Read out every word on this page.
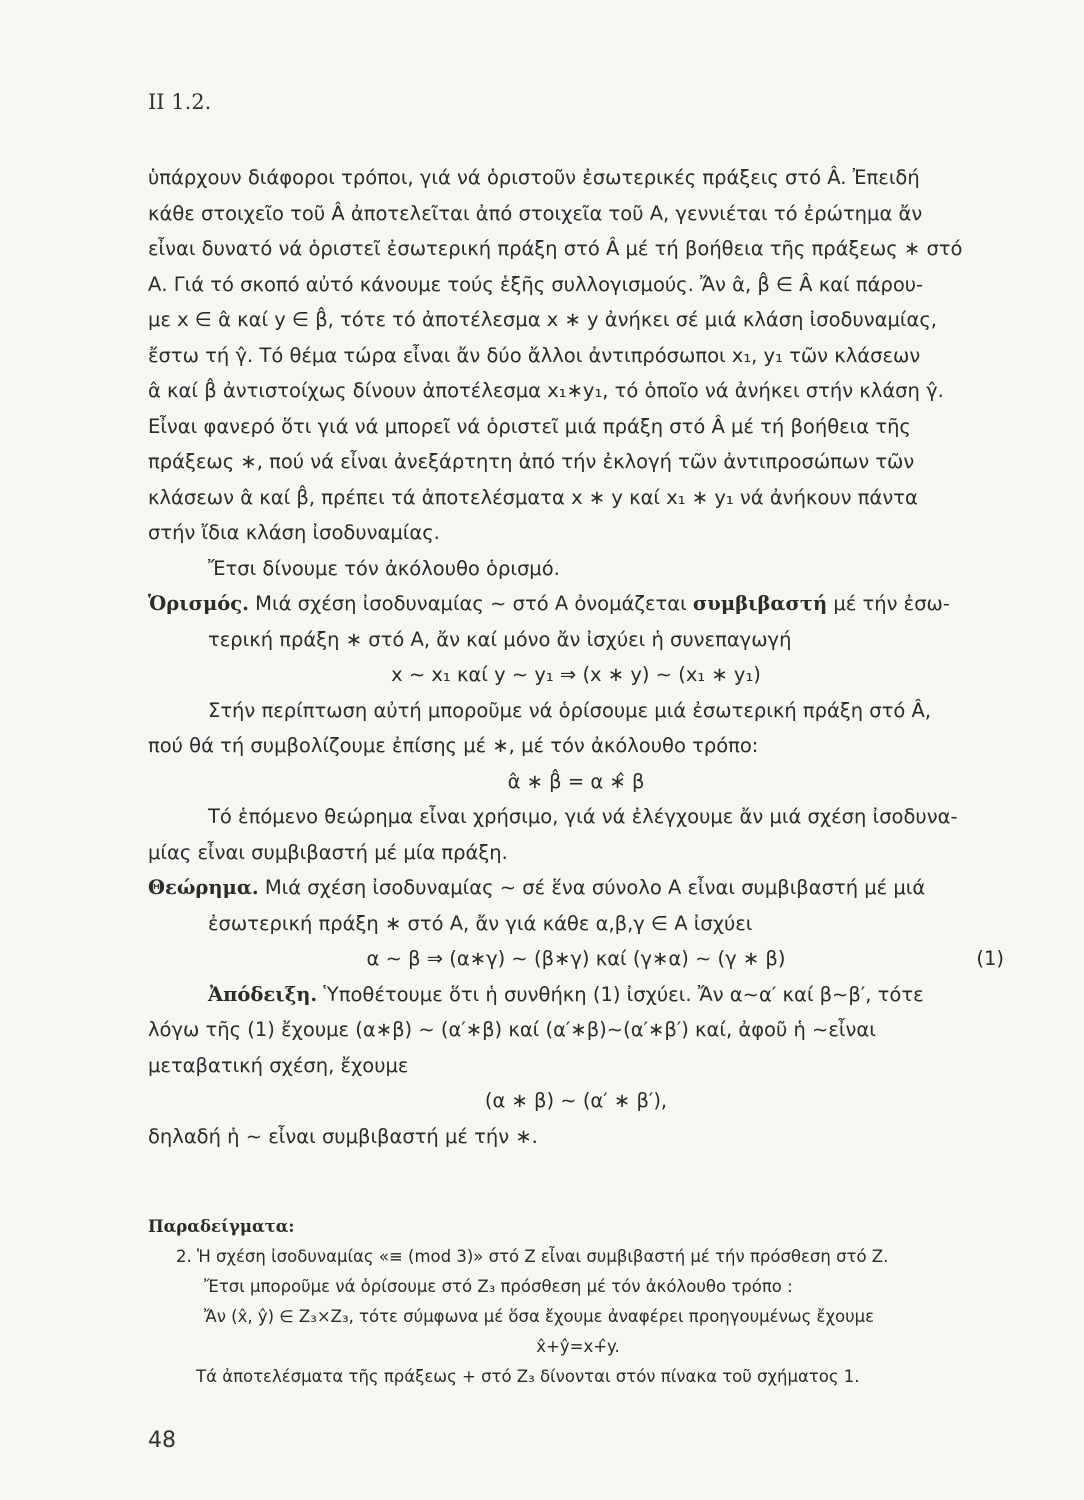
II 1.2.

ὑπάρχουν διάφοροι τρόποι, γιά νά ὁριστοῦν ἐσωτερικές πράξεις στό Â. Ἐπειδή

κάθε στοιχεῖο τοῦ Â ἀποτελεῖται ἀπό στοιχεῖα τοῦ Α, γεννιέται τό ἐρώτημα ἄν

εἶναι δυνατό νά ὁριστεῖ ἐσωτερική πράξη στό Â μέ τή βοήθεια τῆς πράξεως ∗ στό

Α. Γιά τό σκοπό αὐτό κάνουμε τούς ἑξῆς συλλογισμούς. Ἄν α̂, β̂ ∈ Â καί πάρου-

με x ∈ α̂ καί y ∈ β̂, τότε τό ἀποτέλεσμα x ∗ y ἀνήκει σέ μιά κλάση ἰσοδυναμίας,

ἔστω τή γ̂. Τό θέμα τώρα εἶναι ἄν δύο ἄλλοι ἀντιπρόσωποι x₁, y₁ τῶν κλάσεων

α̂ καί β̂ ἀντιστοίχως δίνουν ἀποτέλεσμα x₁∗y₁, τό ὁποῖο νά ἀνήκει στήν κλάση γ̂.

Εἶναι φανερό ὅτι γιά νά μπορεῖ νά ὁριστεῖ μιά πράξη στό Â μέ τή βοήθεια τῆς

πράξεως ∗, πού νά εἶναι ἀνεξάρτητη ἀπό τήν ἐκλογή τῶν ἀντιπροσώπων τῶν

κλάσεων α̂ καί β̂, πρέπει τά ἀποτελέσματα x ∗ y καί x₁ ∗ y₁ νά ἀνήκουν πάντα

στήν ἴδια κλάση ἰσοδυναμίας.

Ἔτσι δίνουμε τόν ἀκόλουθο ὁρισμό.

Ὁρισμός. Μιά σχέση ἰσοδυναμίας ∼ στό Α ὀνομάζεται συμβιβαστή μέ τήν ἐσω-

τερική πράξη ∗ στό Α, ἄν καί μόνο ἄν ἰσχύει ἡ συνεπαγωγή

x ∼ x₁ καί y ∼ y₁ ⇒ (x ∗ y) ∼ (x₁ ∗ y₁)

Στήν περίπτωση αὐτή μποροῦμε νά ὁρίσουμε μιά ἐσωτερική πράξη στό Â,

πού θά τή συμβολίζουμε ἐπίσης μέ ∗, μέ τόν ἀκόλουθο τρόπο:

α̂ ∗ β̂ = α ∗̂ β

Τό ἑπόμενο θεώρημα εἶναι χρήσιμο, γιά νά ἐλέγχουμε ἄν μιά σχέση ἰσοδυνα-

μίας εἶναι συμβιβαστή μέ μία πράξη.

Θεώρημα. Μιά σχέση ἰσοδυναμίας ∼ σέ ἕνα σύνολο Α εἶναι συμβιβαστή μέ μιά

ἐσωτερική πράξη ∗ στό Α, ἄν γιά κάθε α,β,γ ∈ Α ἰσχύει

α ∼ β ⇒ (α∗γ) ∼ (β∗γ) καί (γ∗α) ∼ (γ ∗ β)	(1)

Ἀπόδειξη. Ὑποθέτουμε ὅτι ἡ συνθήκη (1) ἰσχύει. Ἄν α∼α′ καί β∼β′, τότε

λόγω τῆς (1) ἔχουμε (α∗β) ∼ (α′∗β) καί (α′∗β)∼(α′∗β′) καί, ἀφοῦ ἡ ∼εἶναι

μεταβατική σχέση, ἔχουμε

(α ∗ β) ∼ (α′ ∗ β′),

δηλαδή ἡ ∼ εἶναι συμβιβαστή μέ τήν ∗.

Παραδείγματα:

2. Ἡ σχέση ἰσοδυναμίας «≡ (mod 3)» στό Z εἶναι συμβιβαστή μέ τήν πρόσθεση στό Z.

Ἔτσι μποροῦμε νά ὁρίσουμε στό Z₃ πρόσθεση μέ τόν ἀκόλουθο τρόπο :

Ἄν (x̂, ŷ) ∈ Z₃×Z₃, τότε σύμφωνα μέ ὅσα ἔχουμε ἀναφέρει προηγουμένως ἔχουμε

x̂+ŷ=x+̂y.

Τά ἀποτελέσματα τῆς πράξεως + στό Z₃ δίνονται στόν πίνακα τοῦ σχήματος 1.

48
